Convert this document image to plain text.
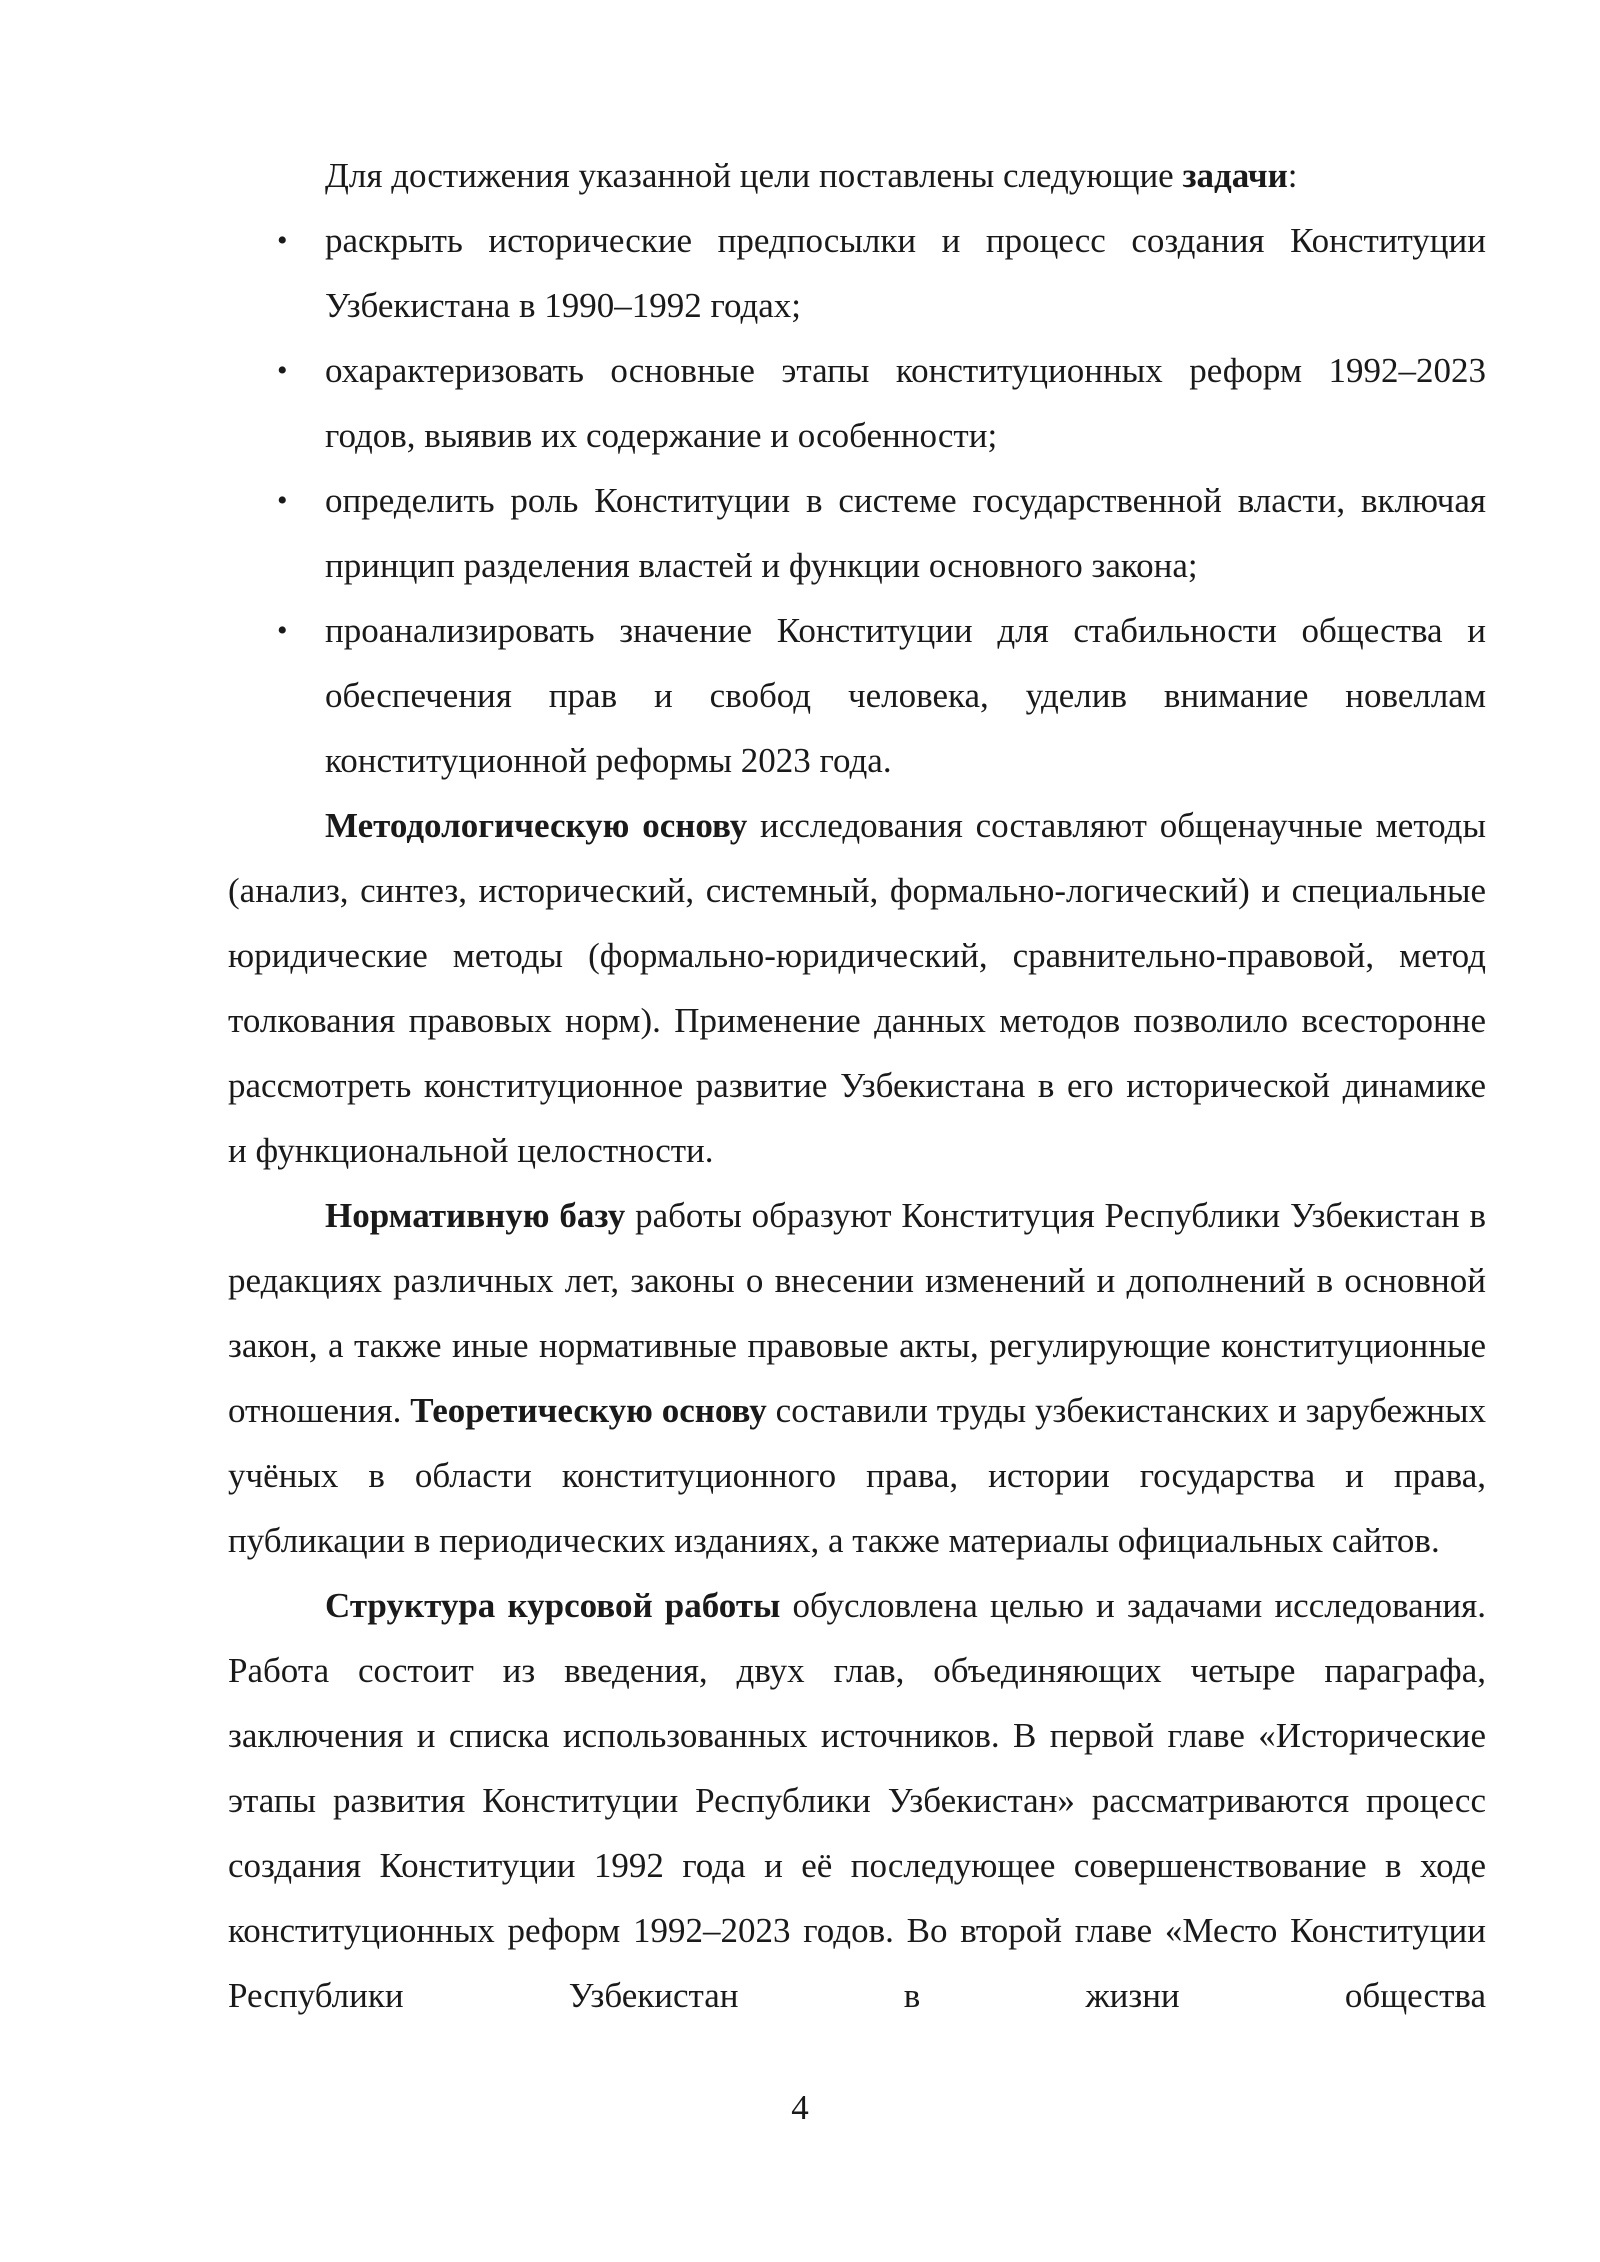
Для достижения указанной цели поставлены следующие задачи:

• раскрыть исторические предпосылки и процесс создания Конституции Узбекистана в 1990–1992 годах;
• охарактеризовать основные этапы конституционных реформ 1992–2023 годов, выявив их содержание и особенности;
• определить роль Конституции в системе государственной власти, включая принцип разделения властей и функции основного закона;
• проанализировать значение Конституции для стабильности общества и обеспечения прав и свобод человека, уделив внимание новеллам конституционной реформы 2023 года.

Методологическую основу исследования составляют общенаучные методы (анализ, синтез, исторический, системный, формально-логический) и специальные юридические методы (формально-юридический, сравнительно-правовой, метод толкования правовых норм). Применение данных методов позволило всесторонне рассмотреть конституционное развитие Узбекистана в его исторической динамике и функциональной целостности.

Нормативную базу работы образуют Конституция Республики Узбекистан в редакциях различных лет, законы о внесении изменений и дополнений в основной закон, а также иные нормативные правовые акты, регулирующие конституционные отношения. Теоретическую основу составили труды узбекистанских и зарубежных учёных в области конституционного права, истории государства и права, публикации в периодических изданиях, а также материалы официальных сайтов.

Структура курсовой работы обусловлена целью и задачами исследования. Работа состоит из введения, двух глав, объединяющих четыре параграфа, заключения и списка использованных источников. В первой главе «Исторические этапы развития Конституции Республики Узбекистан» рассматриваются процесс создания Конституции 1992 года и её последующее совершенствование в ходе конституционных реформ 1992–2023 годов. Во второй главе «Место Конституции Республики Узбекистан в жизни общества

4
